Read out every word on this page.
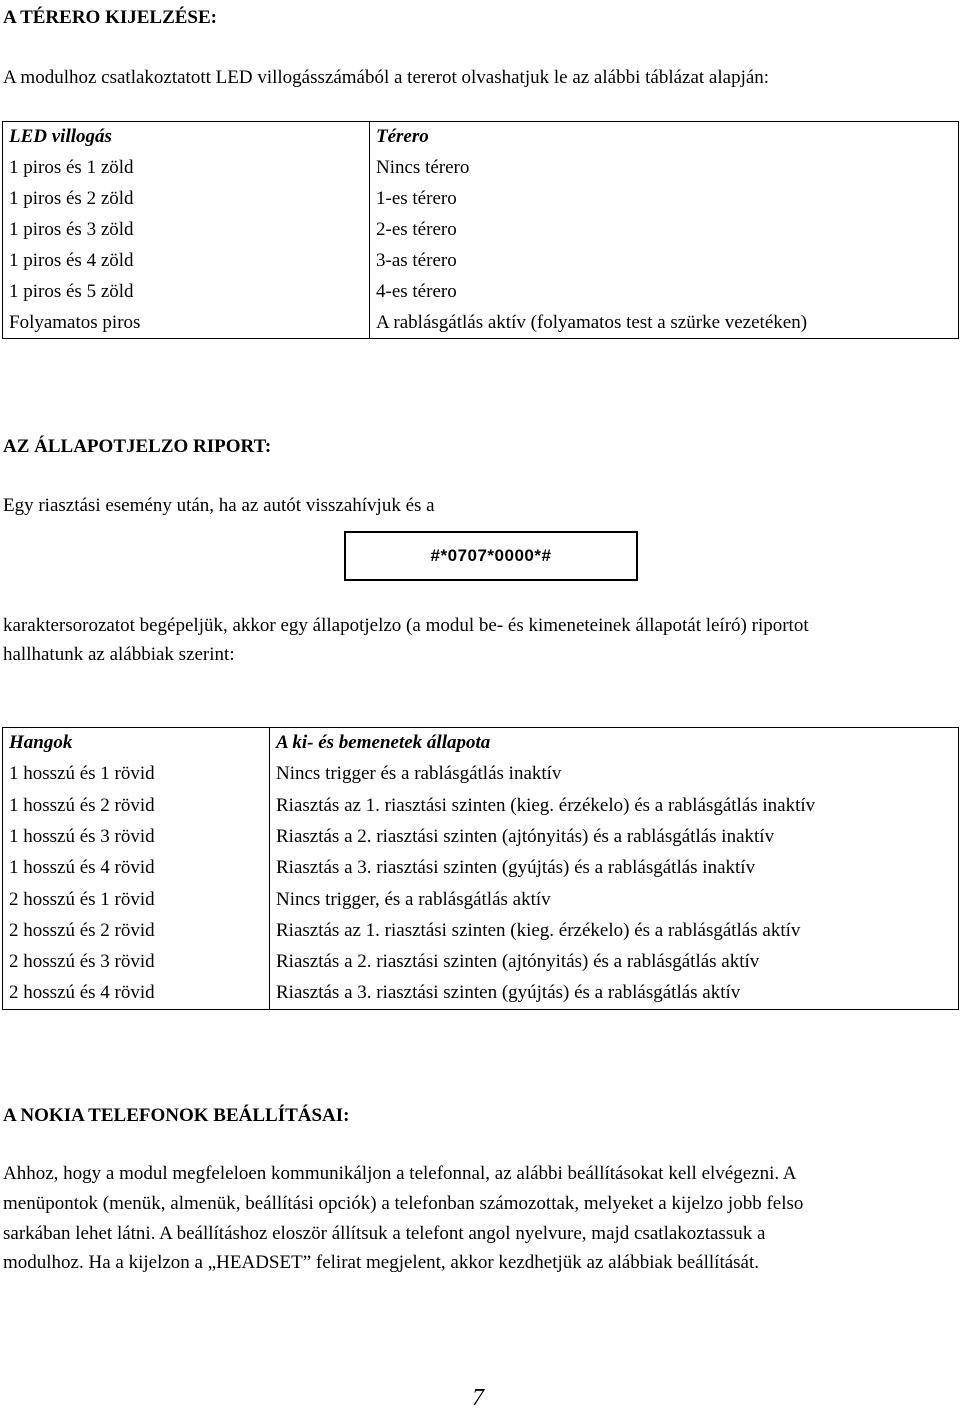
A TÉRERO KIJELZÉSE:
A modulhoz csatlakoztatott LED villogásszámából a tererot olvashatjuk le az alábbi táblázat alapján:
LED villogás	Térero
1 piros és 1 zöld	Nincs térero
1 piros és 2 zöld	1-es térero
1 piros és 3 zöld	2-es térero
1 piros és 4 zöld	3-as térero
1 piros és 5 zöld	4-es térero
Folyamatos piros	A rablásgátlás aktív (folyamatos test a szürke vezetéken)
AZ ÁLLAPOTJELZO RIPORT:
Egy riasztási esemény után, ha az autót visszahívjuk és a
#*0707*0000*#
karaktersorozatot begépeljük, akkor egy állapotjelzo (a modul be- és kimeneteinek állapotát leíró) riportot
hallhatunk az alábbiak szerint:
Hangok	A ki- és bemenetek állapota
1 hosszú és 1 rövid	Nincs trigger és a rablásgátlás inaktív
1 hosszú és 2 rövid	Riasztás az 1. riasztási szinten (kieg. érzékelo) és a rablásgátlás inaktív
1 hosszú és 3 rövid	Riasztás a 2. riasztási szinten (ajtónyitás) és a rablásgátlás inaktív
1 hosszú és 4 rövid	Riasztás a 3. riasztási szinten (gyújtás) és a rablásgátlás inaktív
2 hosszú és 1 rövid	Nincs trigger, és a rablásgátlás aktív
2 hosszú és 2 rövid	Riasztás az 1. riasztási szinten (kieg. érzékelo) és a rablásgátlás aktív
2 hosszú és 3 rövid	Riasztás a 2. riasztási szinten (ajtónyitás) és a rablásgátlás aktív
2 hosszú és 4 rövid	Riasztás a 3. riasztási szinten (gyújtás) és a rablásgátlás aktív
A NOKIA TELEFONOK BEÁLLÍTÁSAI:
Ahhoz, hogy a modul megfeleloen kommunikáljon a telefonnal, az alábbi beállításokat kell elvégezni. A
menüpontok (menük, almenük, beállítási opciók) a telefonban számozottak, melyeket a kijelzo jobb felso
sarkában lehet látni. A beállításhoz eloször állítsuk a telefont angol nyelvure, majd csatlakoztassuk a
modulhoz. Ha a kijelzon a „HEADSET” felirat megjelent, akkor kezdhetjük az alábbiak beállítását.
7
